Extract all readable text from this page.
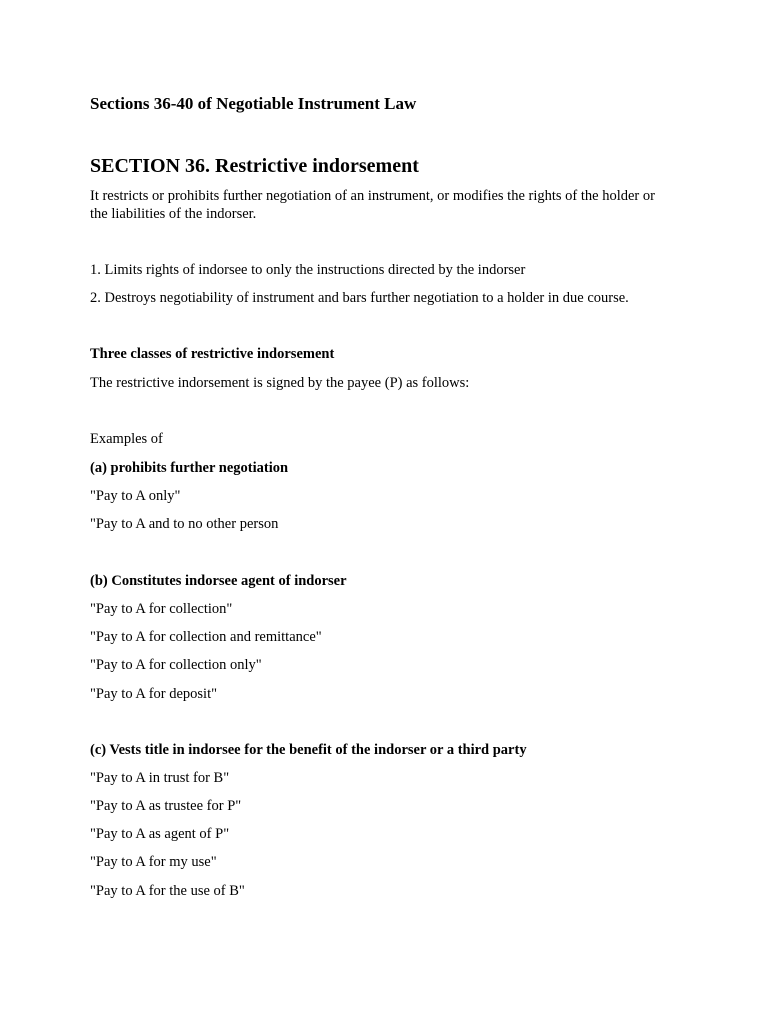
Sections 36-40 of Negotiable Instrument Law
SECTION 36. Restrictive indorsement
It restricts or prohibits further negotiation of an instrument, or modifies the rights of the holder or
the liabilities of the indorser.
1. Limits rights of indorsee to only the instructions directed by the indorser
2. Destroys negotiability of instrument and bars further negotiation to a holder in due course.
Three classes of restrictive indorsement
The restrictive indorsement is signed by the payee (P) as follows:
Examples of
(a) prohibits further negotiation
"Pay to A only"
"Pay to A and to no other person
(b) Constitutes indorsee agent of indorser
"Pay to A for collection"
"Pay to A for collection and remittance"
"Pay to A for collection only"
"Pay to A for deposit"
(c) Vests title in indorsee for the benefit of the indorser or a third party
"Pay to A in trust for B"
"Pay to A as trustee for P"
"Pay to A as agent of P"
"Pay to A for my use"
"Pay to A for the use of B"
